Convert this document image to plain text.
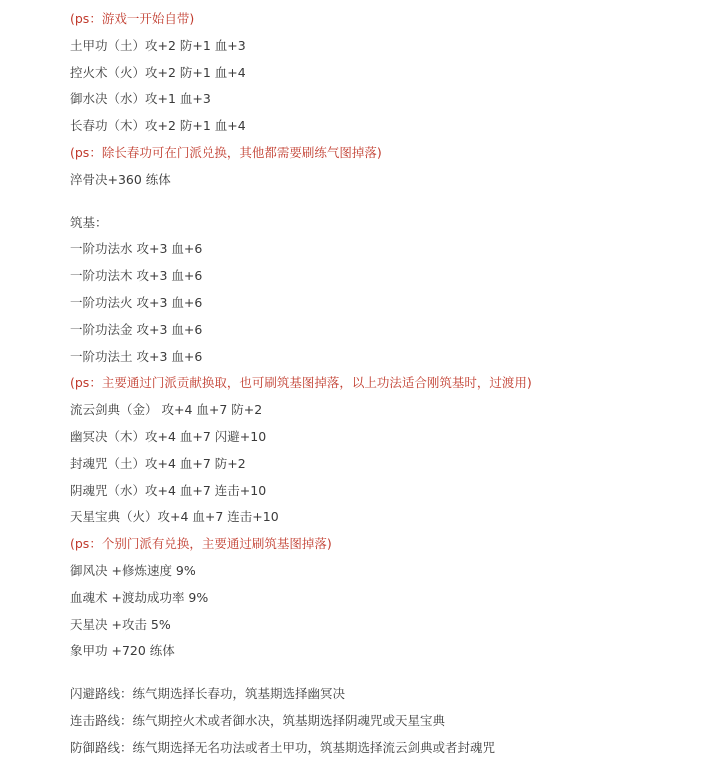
(ps：游戏一开始自带)
土甲功（土）攻+2 防+1 血+3
控火术（火）攻+2 防+1 血+4
御水决（水）攻+1 血+3
长春功（木）攻+2 防+1 血+4
(ps：除长春功可在门派兑换，其他都需要刷练气图掉落)
淬骨决+360 练体
筑基：
一阶功法水 攻+3 血+6
一阶功法木 攻+3 血+6
一阶功法火 攻+3 血+6
一阶功法金 攻+3 血+6
一阶功法土 攻+3 血+6
(ps：主要通过门派贡献换取，也可刷筑基图掉落，以上功法适合刚筑基时，过渡用)
流云剑典（金） 攻+4 血+7 防+2
幽冥决（木）攻+4 血+7 闪避+10
封魂咒（土）攻+4 血+7 防+2
阴魂咒（水）攻+4 血+7 连击+10
天星宝典（火）攻+4 血+7 连击+10
(ps：个别门派有兑换，主要通过刷筑基图掉落)
御风决 +修炼速度 9%
血魂术 +渡劫成功率 9%
天星决 +攻击 5%
象甲功 +720 练体
闪避路线：练气期选择长春功，筑基期选择幽冥决
连击路线：练气期控火术或者御水决，筑基期选择阴魂咒或天星宝典
防御路线：练气期选择无名功法或者土甲功，筑基期选择流云剑典或者封魂咒
